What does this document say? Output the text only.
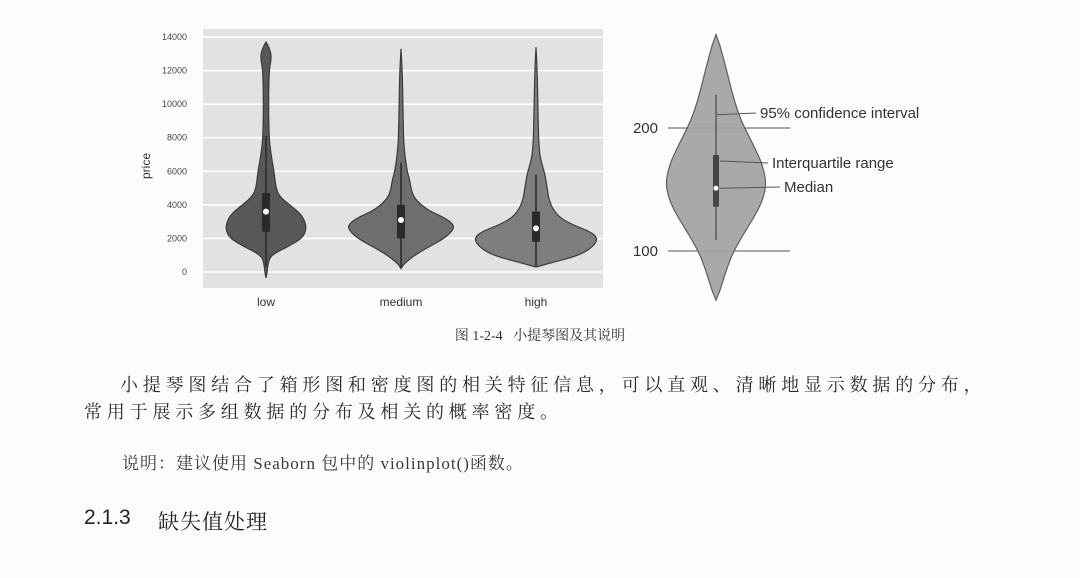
14000
12000
10000
8000
6000
4000
2000
0
low	medium	high
price
200
100
95% confidence interval
Interquartile range
Median
图 1-2-4   小提琴图及其说明
小提琴图结合了箱形图和密度图的相关特征信息，可以直观、清晰地显示数据的分布，
常用于展示多组数据的分布及相关的概率密度。
说明：建议使用 Seaborn 包中的 violinplot()函数。
2.1.3 缺失值处理
